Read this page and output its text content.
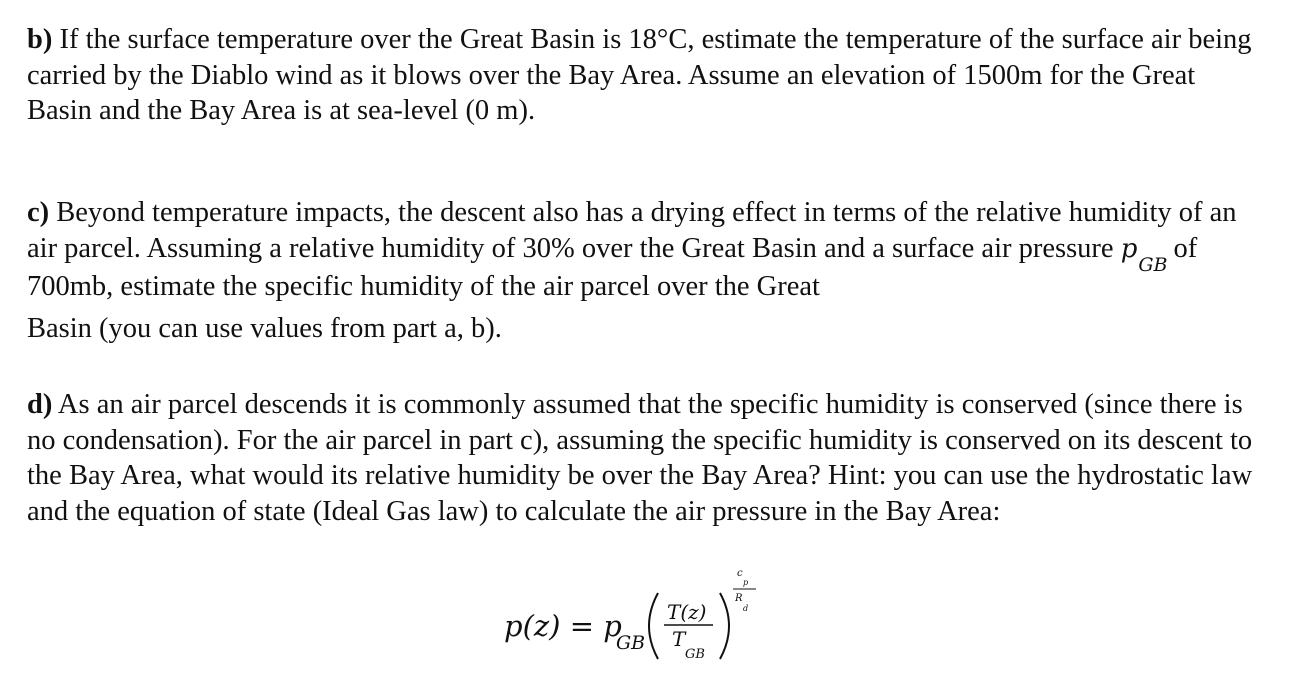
b) If the surface temperature over the Great Basin is 18°C, estimate the temperature of the surface air being carried by the Diablo wind as it blows over the Bay Area. Assume an elevation of 1500m for the Great Basin and the Bay Area is at sea-level (0 m).

c) Beyond temperature impacts, the descent also has a drying effect in terms of the relative humidity of an air parcel. Assuming a relative humidity of 30% over the Great Basin and a surface air pressure $p_{GB}of$ 700mb, estimate the specific humidity of the air parcel over the Great
Basin (you can use values from part a, b).

d) As an air parcel descends it is commonly assumed that the specific humidity is conserved (since there is no condensation). For the air parcel in part c), assuming the specific humidity is conserved on its descent to the Bay Area, what would its relative humidity be over the Bay Area? Hint: you can use the hydrostatic law and the equation of state (Ideal Gas law) to calculate the air pressure in the Bay Area:

p(z) = p
GB
T(z)
T
GB
c
p
R
d
